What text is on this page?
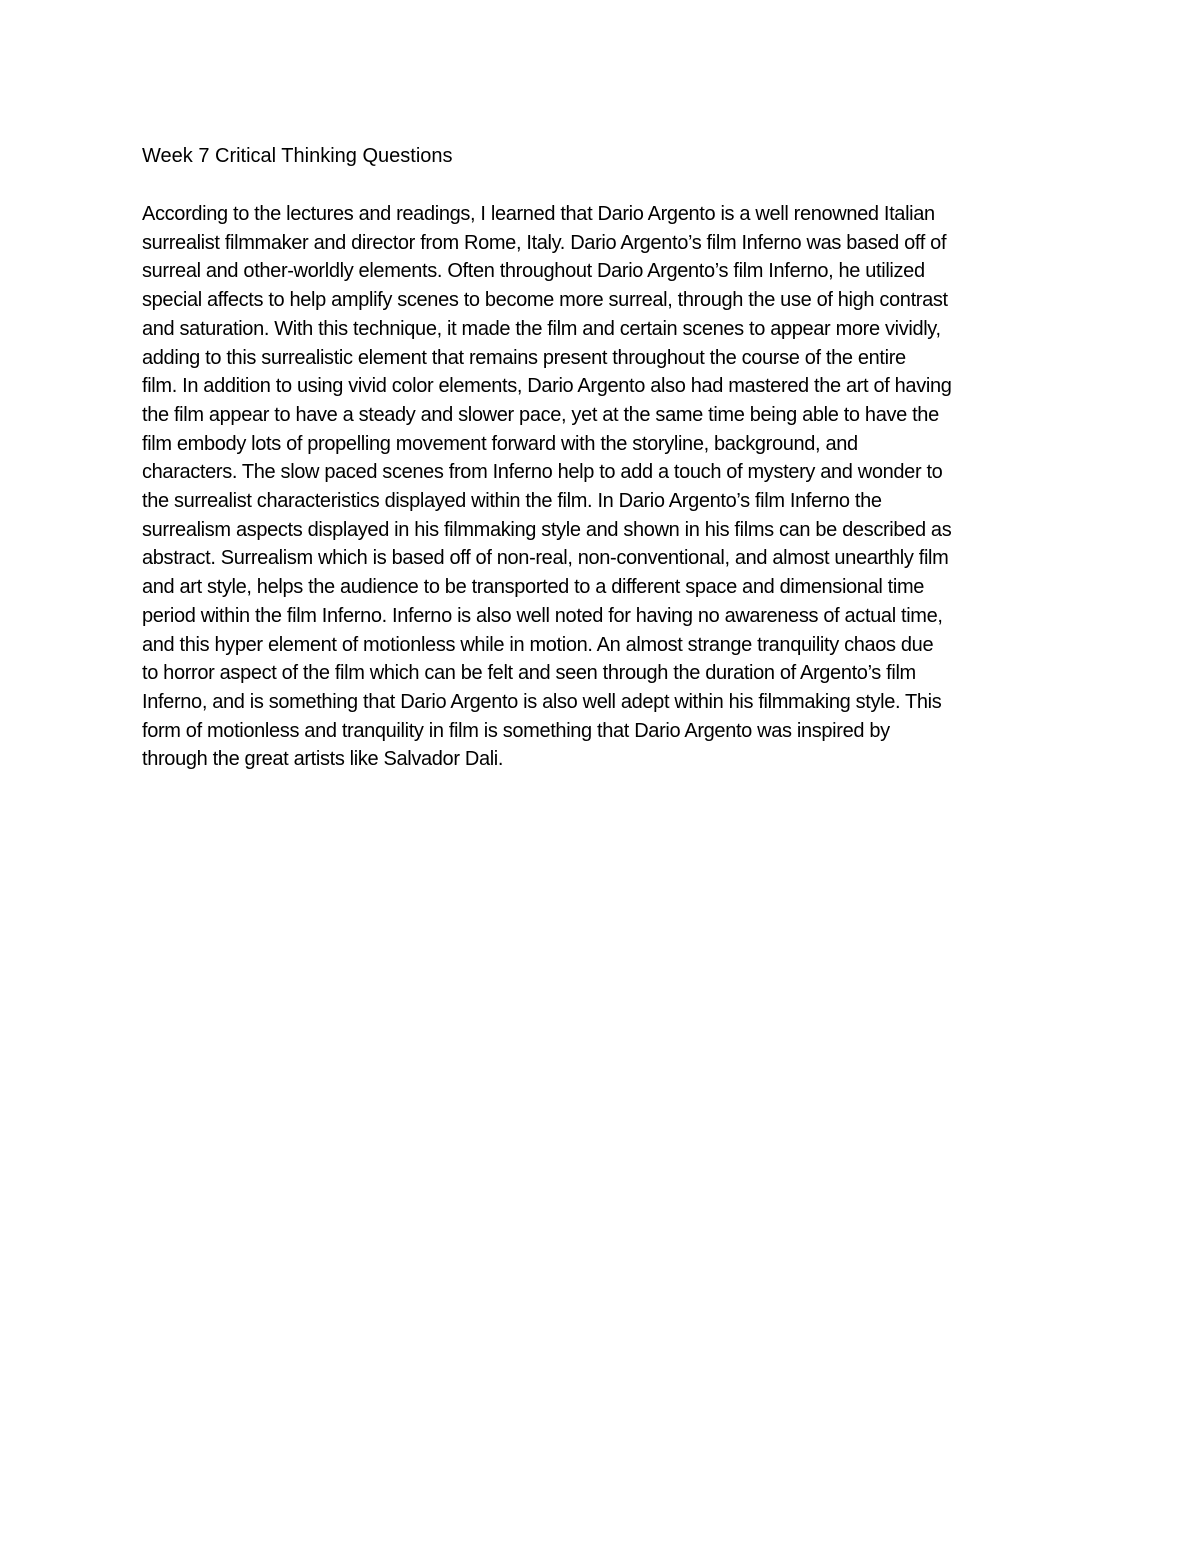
Week 7 Critical Thinking Questions
According to the lectures and readings, I learned that Dario Argento is a well renowned Italian
surrealist filmmaker and director from Rome, Italy. Dario Argento’s film Inferno was based off of
surreal and other-worldly elements. Often throughout Dario Argento’s film Inferno, he utilized
special affects to help amplify scenes to become more surreal, through the use of high contrast
and saturation. With this technique, it made the film and certain scenes to appear more vividly,
adding to this surrealistic element that remains present throughout the course of the entire
film. In addition to using vivid color elements, Dario Argento also had mastered the art of having
the film appear to have a steady and slower pace, yet at the same time being able to have the
film embody lots of propelling movement forward with the storyline, background, and
characters. The slow paced scenes from Inferno help to add a touch of mystery and wonder to
the surrealist characteristics displayed within the film. In Dario Argento’s film Inferno the
surrealism aspects displayed in his filmmaking style and shown in his films can be described as
abstract. Surrealism which is based off of non-real, non-conventional, and almost unearthly film
and art style, helps the audience to be transported to a different space and dimensional time
period within the film Inferno. Inferno is also well noted for having no awareness of actual time,
and this hyper element of motionless while in motion. An almost strange tranquility chaos due
to horror aspect of the film which can be felt and seen through the duration of Argento’s film
Inferno, and is something that Dario Argento is also well adept within his filmmaking style. This
form of motionless and tranquility in film is something that Dario Argento was inspired by
through the great artists like Salvador Dali.
